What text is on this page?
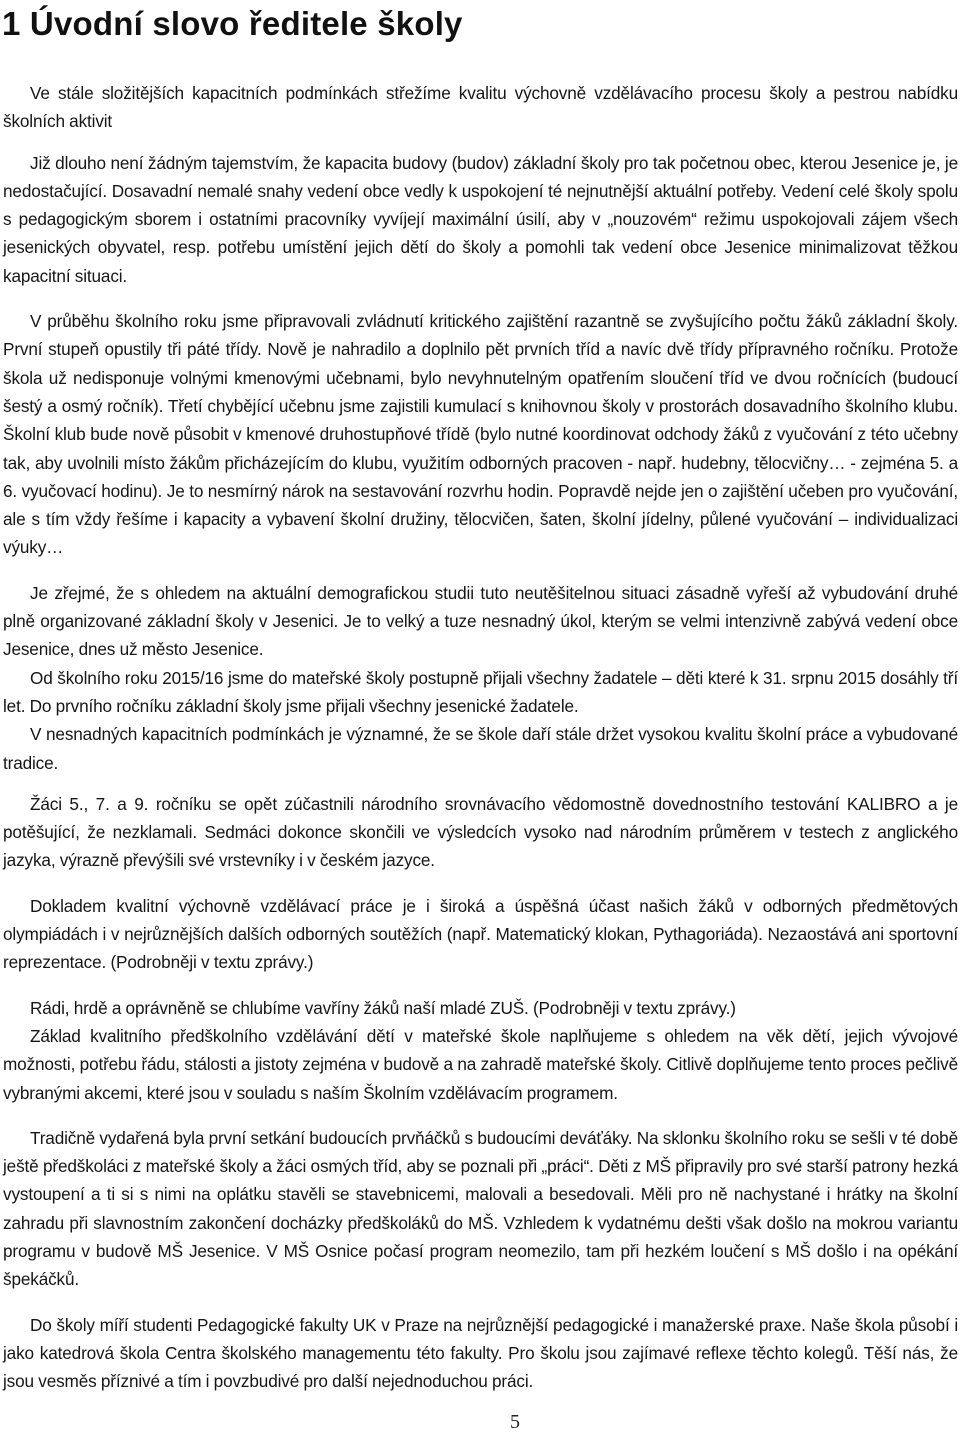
1 Úvodní slovo ředitele školy

Ve stále složitějších kapacitních podmínkách střežíme kvalitu výchovně vzdělávacího procesu školy a pestrou nabídku školních aktivit

Již dlouho není žádným tajemstvím, že kapacita budovy (budov) základní školy pro tak početnou obec, kterou Jesenice je, je nedostačující. Dosavadní nemalé snahy vedení obce vedly k uspokojení té nejnutnější aktuální potřeby. Vedení celé školy spolu s pedagogickým sborem i ostatními pracovníky vyvíjejí maximální úsilí, aby v „nouzovém“ režimu uspokojovali zájem všech jesenických obyvatel, resp. potřebu umístění jejich dětí do školy a pomohli tak vedení obce Jesenice minimalizovat těžkou kapacitní situaci.

V průběhu školního roku jsme připravovali zvládnutí kritického zajištění razantně se zvyšujícího počtu žáků základní školy. První stupeň opustily tři páté třídy. Nově je nahradilo a doplnilo pět prvních tříd a navíc dvě třídy přípravného ročníku. Protože škola už nedisponuje volnými kmenovými učebnami, bylo nevyhnutelným opatřením sloučení tříd ve dvou ročnících (budoucí šestý a osmý ročník). Třetí chybějící učebnu jsme zajistili kumulací s knihovnou školy v prostorách dosavadního školního klubu. Školní klub bude nově působit v kmenové druhostupňové třídě (bylo nutné koordinovat odchody žáků z vyučování z této učebny tak, aby uvolnili místo žákům přicházejícím do klubu, využitím odborných pracoven - např. hudebny, tělocvičny… - zejména 5. a 6. vyučovací hodinu). Je to nesmírný nárok na sestavování rozvrhu hodin. Popravdě nejde jen o zajištění učeben pro vyučování, ale s tím vždy řešíme i kapacity a vybavení školní družiny, tělocvičen, šaten, školní jídelny, půlené vyučování – individualizaci výuky…

Je zřejmé, že s ohledem na aktuální demografickou studii tuto neutěšitelnou situaci zásadně vyřeší až vybudování druhé plně organizované základní školy v Jesenici. Je to velký a tuze nesnadný úkol, kterým se velmi intenzivně zabývá vedení obce Jesenice, dnes už město Jesenice.

Od školního roku 2015/16 jsme do mateřské školy postupně přijali všechny žadatele – děti které k 31. srpnu 2015 dosáhly tří let. Do prvního ročníku základní školy jsme přijali všechny jesenické žadatele.

V nesnadných kapacitních podmínkách je významné, že se škole daří stále držet vysokou kvalitu školní práce a vybudované tradice.

Žáci 5., 7. a 9. ročníku se opět zúčastnili národního srovnávacího vědomostně dovednostního testování KALIBRO a je potěšující, že nezklamali. Sedmáci dokonce skončili ve výsledcích vysoko nad národním průměrem v testech z anglického jazyka, výrazně převýšili své vrstevníky i v českém jazyce.

Dokladem kvalitní výchovně vzdělávací práce je i široká a úspěšná účast našich žáků v odborných předmětových olympiádách i v nejrůznějších dalších odborných soutěžích (např. Matematický klokan, Pythagoriáda). Nezaostává ani sportovní reprezentace. (Podrobněji v textu zprávy.)

Rádi, hrdě a oprávněně se chlubíme vavříny žáků naší mladé ZUŠ. (Podrobněji v textu zprávy.)

Základ kvalitního předškolního vzdělávání dětí v mateřské škole naplňujeme s ohledem na věk dětí, jejich vývojové možnosti, potřebu řádu, stálosti a jistoty zejména v budově a na zahradě mateřské školy. Citlivě doplňujeme tento proces pečlivě vybranými akcemi, které jsou v souladu s naším Školním vzdělávacím programem.

Tradičně vydařená byla první setkání budoucích prvňáčků s budoucími deváťáky. Na sklonku školního roku se sešli v té době ještě předškoláci z mateřské školy a žáci osmých tříd, aby se poznali při „práci“. Děti z MŠ připravily pro své starší patrony hezká vystoupení a ti si s nimi na oplátku stavěli se stavebnicemi, malovali a besedovali. Měli pro ně nachystané i hrátky na školní zahradu při slavnostním zakončení docházky předškoláků do MŠ. Vzhledem k vydatnému dešti však došlo na mokrou variantu programu v budově MŠ Jesenice. V MŠ Osnice počasí program neomezilo, tam při hezkém loučení s MŠ došlo i na opékání špekáčků.

Do školy míří studenti Pedagogické fakulty UK v Praze na nejrůznější pedagogické i manažerské praxe. Naše škola působí i jako katedrová škola Centra školského managementu této fakulty. Pro školu jsou zajímavé reflexe těchto kolegů. Těší nás, že jsou vesměs příznivé a tím i povzbudivé pro další nejednoduchou práci.

5
